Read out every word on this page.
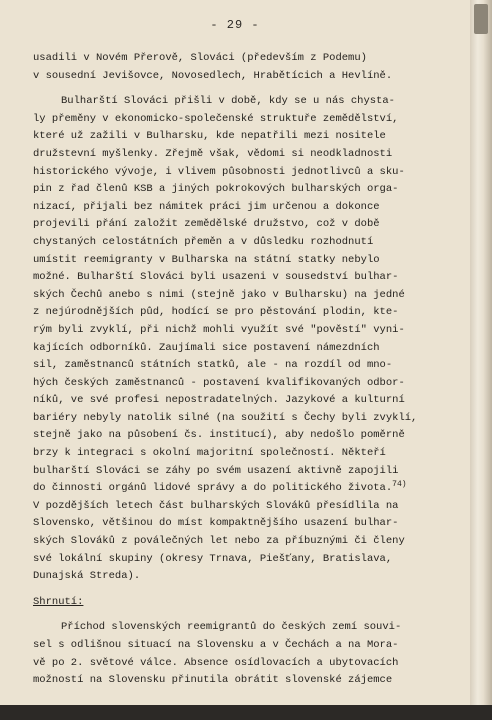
- 29 -
usadili v Novém Přerově, Slováci (především z Podemu)
v sousední Jevišovce, Novosedlech, Hrabětícich a Hevlíně.
Bulharští Slováci přišli v době, kdy se u nás chysta-
ly přeměny v ekonomicko-společenské struktuře zemědělství,
které už zažili v Bulharsku, kde nepatřili mezi nositele
družstevní myšlenky. Zřejmě však, vědomi si neodkladnosti
historického vývoje, i vlivem působnosti jednotlivců a sku-
pin z řad členů KSB a jiných pokrokových bulharských orga-
nizací, přijali bez námitek práci jim určenou a dokonce
projevili přání založit zemědělské družstvo, což v době
chystaných celostátních přeměn a v důsledku rozhodnutí
umístit reemigranty v Bulharska na státní statky nebylo
možné. Bulharští Slováci byli usazeni v sousedství bulhar-
ských Čechů anebo s nimi (stejně jako v Bulharsku) na jedné
z nejúrodnějších půd, hodící se pro pěstování plodin, kte-
rým byli zvyklí, při nichž mohli využít své "pověstí" vyni-
kajících odborníků. Zaujímali sice postavení námezdních
sil, zaměstnanců státních statků, ale - na rozdíl od mno-
hých českých zaměstnanců - postavení kvalifikovaných odbor-
níků, ve své profesi nepostradatelných. Jazykové a kulturní
bariéry nebyly natolik silné (na soužití s Čechy byli zvyklí,
stejně jako na působení čs. institucí), aby nedošlo poměrně
brzy k integraci s okolní majoritní společností. Někteří
bulharští Slováci se záhy po svém usazení aktivně zapojili
do činnosti orgánů lidové správy a do politického života.$^{74)}$
V pozdějších letech část bulharských Slováků přesídlila na
Slovensko, většinou do míst kompaktnějšího usazení bulhar-
ských Slováků z poválečných let nebo za příbuznými či členy
své lokální skupiny (okresy Trnava, Piešťany, Bratislava,
Dunajská Streda).
Shrnutí:
Příchod slovenských reemigrantů do českých zemí souvi-
sel s odlišnou situací na Slovensku a v Čechách a na Mora-
vě po 2. světové válce. Absence osídlovacích a ubytovacích
možností na Slovensku přinutila obrátit slovenské zájemce
